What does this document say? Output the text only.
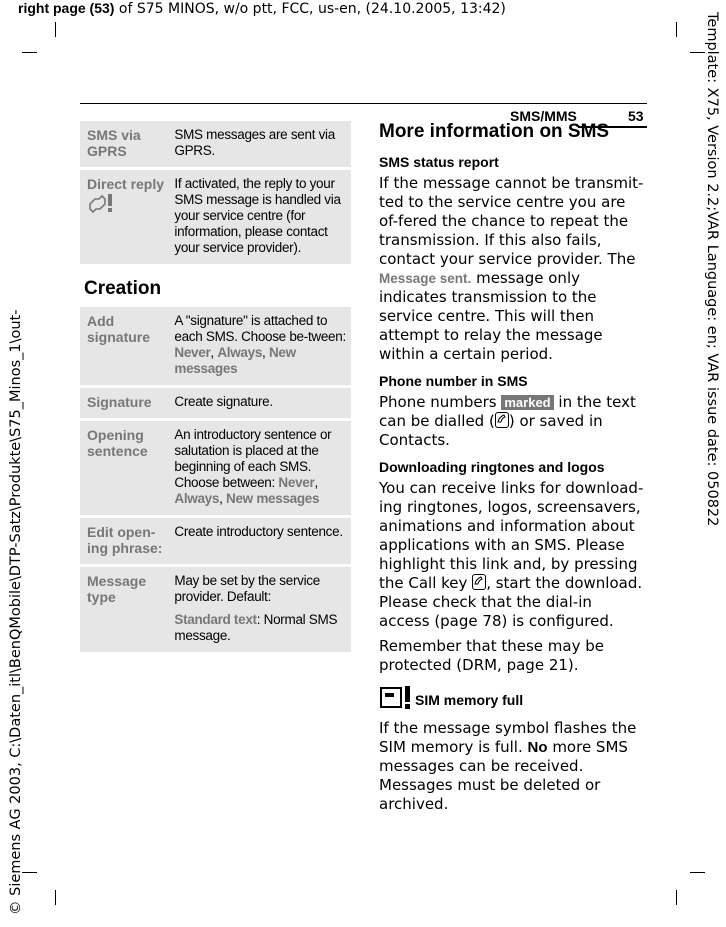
right page (53) of S75 MINOS, w/o ptt, FCC, us-en, (24.10.2005, 13:42)
© Siemens AG 2003, C:\Daten_itl\BenQMobile\DTP-Satz\Produkte\S75_Minos_1\out-
Template: X75, Version 2.2;VAR Language: en; VAR issue date: 050822
SMS/MMS	53
SMS via GPRS
SMS messages are sent via GPRS.
Direct reply If activated, the reply to your SMS message is handled via your service centre (for information, please contact your service provider).
Creation
Add signature
A "signature" is attached to each SMS. Choose be-tween: Never, Always, New messages
Signature	Create signature.
Opening sentence
An introductory sentence or salutation is placed at the beginning of each SMS. Choose between: Never, Always, New messages
Edit open-ing phrase:
Create introductory sentence.
Message type
May be set by the service provider. Default:
Standard text: Normal SMS message.
More information on SMS
SMS status report

If the message cannot be transmit-ted to the service centre you are of-fered the chance to repeat the transmission. If this also fails, contact your service provider. The Message sent. message only indicates transmission to the service centre. This will then attempt to relay the message within a certain period.

Phone number in SMS

Phone numbers marked in the text can be dialled ( ) or saved in Contacts.

Downloading ringtones and logos

You can receive links for download-ing ringtones, logos, screensavers, animations and information about applications with an SMS. Please highlight this link and, by pressing the Call key , start the download. Please check that the dial-in access (page 78) is configured.

Remember that these may be protected (DRM, page 21).

SIM memory full

If the message symbol flashes the SIM memory is full. No more SMS messages can be received. Messages must be deleted or archived.
